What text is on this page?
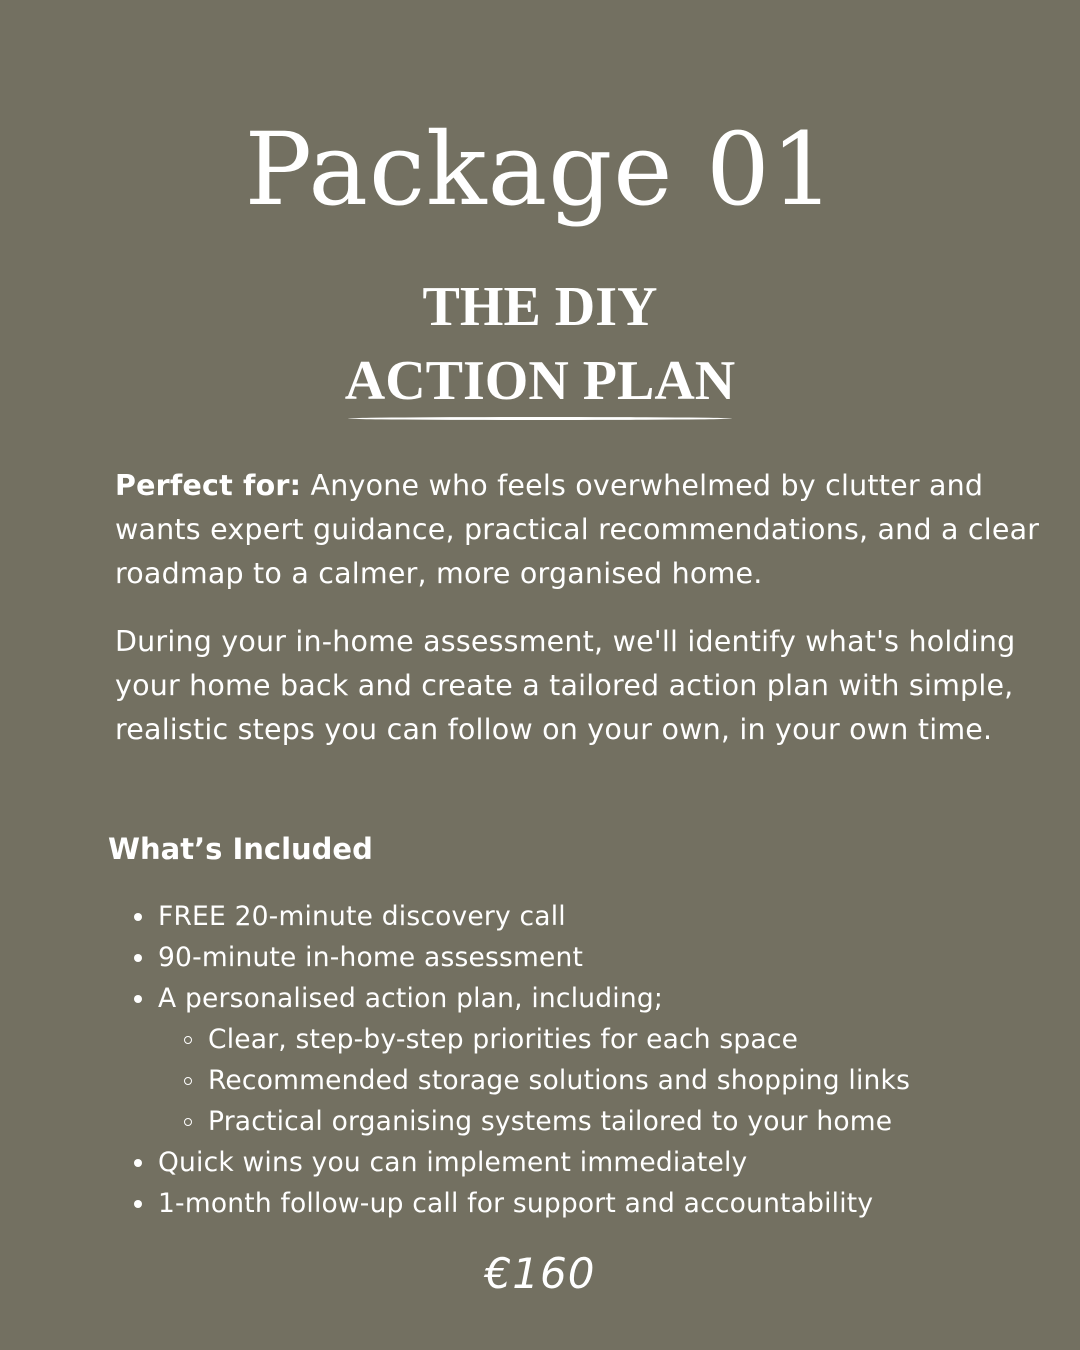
Package 01
THE DIY
ACTION PLAN
Perfect for: Anyone who feels overwhelmed by clutter and wants expert guidance, practical recommendations, and a clear roadmap to a calmer, more organised home.
During your in-home assessment, we'll identify what's holding your home back and create a tailored action plan with simple, realistic steps you can follow on your own, in your own time.
What’s Included
FREE 20-minute discovery call
90-minute in-home assessment
A personalised action plan, including;
Clear, step-by-step priorities for each space
Recommended storage solutions and shopping links
Practical organising systems tailored to your home
Quick wins you can implement immediately
1-month follow-up call for support and accountability
€160
